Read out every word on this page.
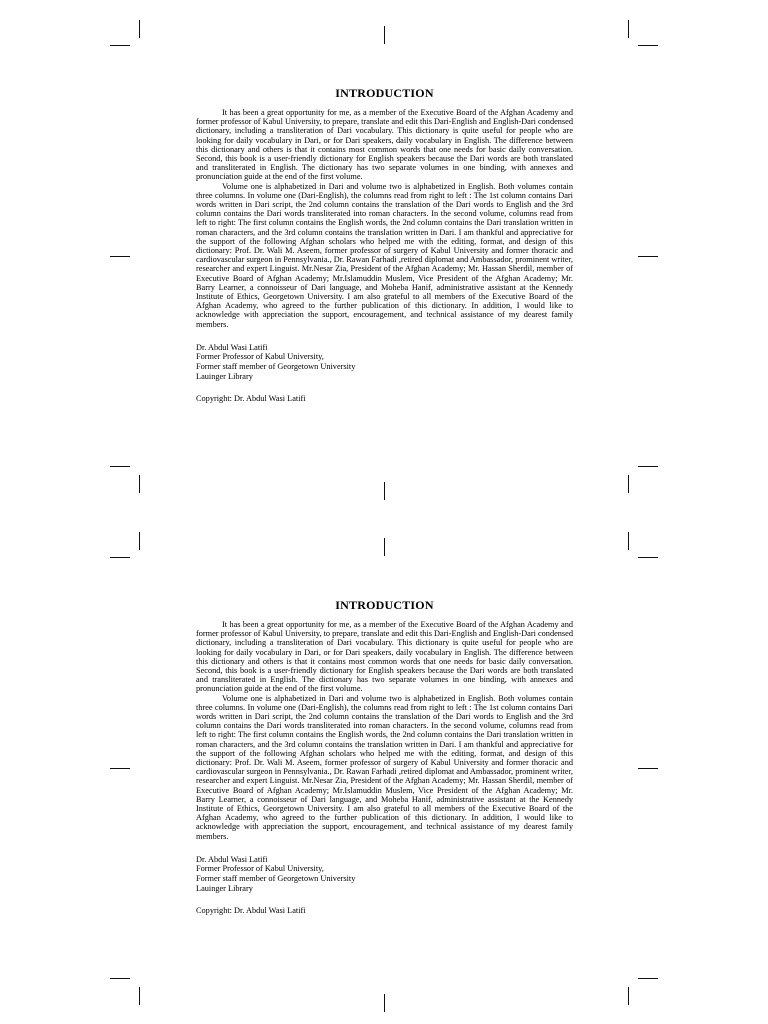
INTRODUCTION

It has been a great opportunity for me, as a member of the Executive Board of the Afghan Academy and former professor of Kabul University, to prepare, translate and edit this Dari-English and English-Dari condensed dictionary, including a transliteration of Dari vocabulary. This dictionary is quite useful for people who are looking for daily vocabulary in Dari, or for Dari speakers, daily vocabulary in English. The difference between this dictionary and others is that it contains most common words that one needs for basic daily conversation. Second, this book is a user-friendly dictionary for English speakers because the Dari words are both translated and transliterated in English. The dictionary has two separate volumes in one binding, with annexes and pronunciation guide at the end of the first volume.

Volume one is alphabetized in Dari and volume two is alphabetized in English. Both volumes contain three columns. In volume one (Dari-English), the columns read from right to left : The 1st column contains Dari words written in Dari script, the 2nd column contains the translation of the Dari words to English and the 3rd column contains the Dari words transliterated into roman characters. In the second volume, columns read from left to right: The first column contains the English words, the 2nd column contains the Dari translation written in roman characters, and the 3rd column contains the translation written in Dari. I am thankful and appreciative for the support of the following Afghan scholars who helped me with the editing, format, and design of this dictionary: Prof. Dr. Wali M. Aseem, former professor of surgery of Kabul University and former thoracic and cardiovascular surgeon in Pennsylvania., Dr. Rawan Farhadi ,retired diplomat and Ambassador, prominent writer, researcher and expert Linguist. Mr.Nesar Zia, President of the Afghan Academy; Mr. Hassan Sherdil, member of Executive Board of Afghan Academy; Mr.Islamuddin Muslem, Vice President of the Afghan Academy; Mr. Barry Learner, a connoisseur of Dari language, and Moheba Hanif, administrative assistant at the Kennedy Institute of Ethics, Georgetown University. I am also grateful to all members of the Executive Board of the Afghan Academy, who agreed to the further publication of this dictionary. In addition, I would like to acknowledge with appreciation the support, encouragement, and technical assistance of my dearest family members.

Dr. Abdul Wasi Latifi
Former Professor of Kabul University,
Former staff member of Georgetown University
Lauinger Library
Copyright: Dr. Abdul Wasi Latifi
INTRODUCTION

It has been a great opportunity for me, as a member of the Executive Board of the Afghan Academy and former professor of Kabul University, to prepare, translate and edit this Dari-English and English-Dari condensed dictionary, including a transliteration of Dari vocabulary. This dictionary is quite useful for people who are looking for daily vocabulary in Dari, or for Dari speakers, daily vocabulary in English. The difference between this dictionary and others is that it contains most common words that one needs for basic daily conversation. Second, this book is a user-friendly dictionary for English speakers because the Dari words are both translated and transliterated in English. The dictionary has two separate volumes in one binding, with annexes and pronunciation guide at the end of the first volume.

Volume one is alphabetized in Dari and volume two is alphabetized in English. Both volumes contain three columns. In volume one (Dari-English), the columns read from right to left : The 1st column contains Dari words written in Dari script, the 2nd column contains the translation of the Dari words to English and the 3rd column contains the Dari words transliterated into roman characters. In the second volume, columns read from left to right: The first column contains the English words, the 2nd column contains the Dari translation written in roman characters, and the 3rd column contains the translation written in Dari. I am thankful and appreciative for the support of the following Afghan scholars who helped me with the editing, format, and design of this dictionary: Prof. Dr. Wali M. Aseem, former professor of surgery of Kabul University and former thoracic and cardiovascular surgeon in Pennsylvania., Dr. Rawan Farhadi ,retired diplomat and Ambassador, prominent writer, researcher and expert Linguist. Mr.Nesar Zia, President of the Afghan Academy; Mr. Hassan Sherdil, member of Executive Board of Afghan Academy; Mr.Islamuddin Muslem, Vice President of the Afghan Academy; Mr. Barry Learner, a connoisseur of Dari language, and Moheba Hanif, administrative assistant at the Kennedy Institute of Ethics, Georgetown University. I am also grateful to all members of the Executive Board of the Afghan Academy, who agreed to the further publication of this dictionary. In addition, I would like to acknowledge with appreciation the support, encouragement, and technical assistance of my dearest family members.

Dr. Abdul Wasi Latifi
Former Professor of Kabul University,
Former staff member of Georgetown University
Lauinger Library
Copyright: Dr. Abdul Wasi Latifi
